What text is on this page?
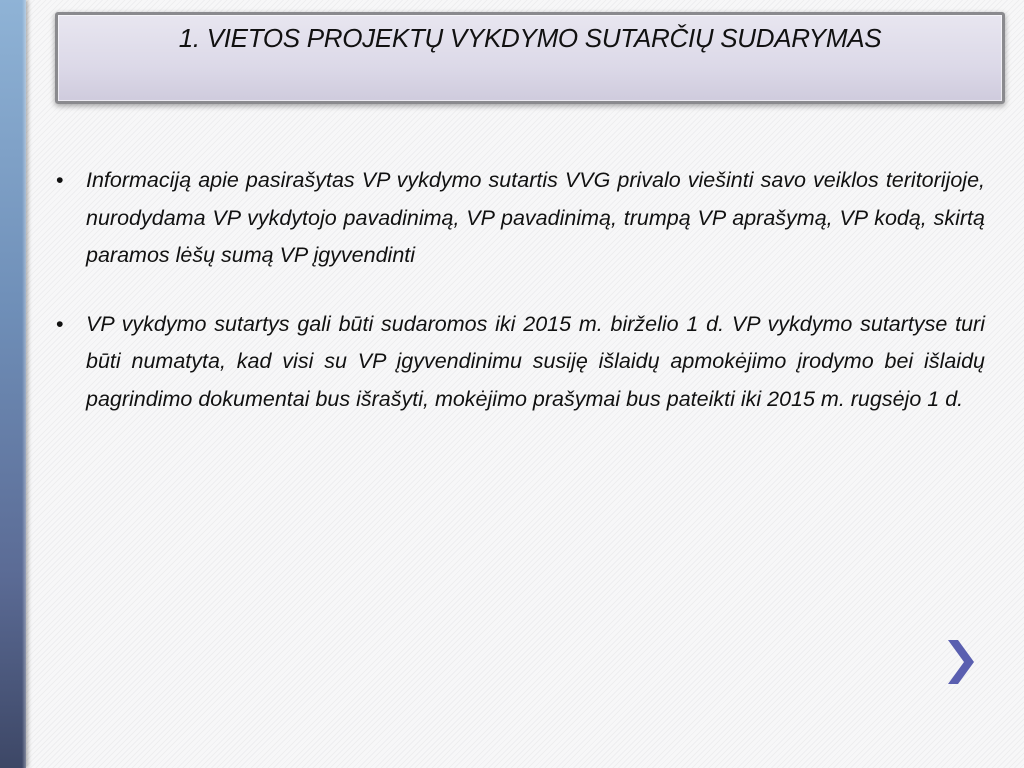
1. VIETOS PROJEKTŲ VYKDYMO SUTARČIŲ SUDARYMAS
• Informaciją apie pasirašytas VP vykdymo sutartis VVG privalo viešinti savo veiklos teritorijoje, nurodydama VP vykdytojo pavadinimą, VP pavadinimą, trumpą VP aprašymą, VP kodą, skirtą paramos lėšų sumą VP įgyvendinti
• VP vykdymo sutartys gali būti sudaromos iki 2015 m. birželio 1 d. VP vykdymo sutartyse turi būti numatyta, kad visi su VP įgyvendinimu susiję išlaidų apmokėjimo įrodymo bei išlaidų pagrindimo dokumentai bus išrašyti, mokėjimo prašymai bus pateikti iki 2015 m. rugsėjo 1 d.
